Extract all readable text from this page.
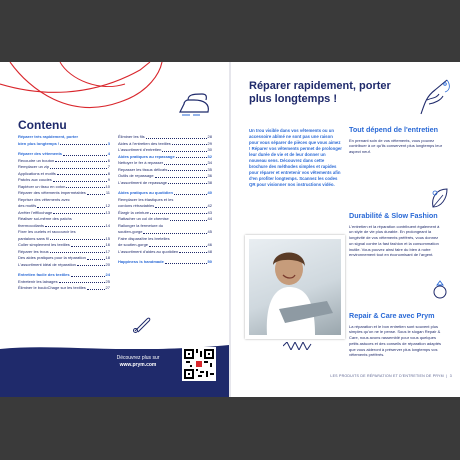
Contenu
Réparer très rapidement, porter
bien plus longtemps !	3
Réparer des vêtements	4
Recoudre un bouton	6
Remplacer un zip	7
Applications et motifs	8
Patchs aux coudes	9
Rapiécer un tissu en coton	10
Réparer des vêtements imperméables	11
Repriser des vêtements avec
des motifs	12
Arrêter l'effilochage	13
Réaliser soi-même des patchs
thermocollants	14
Fixer les ourlets et raccourcir les
pantalons sans fil	15
Coller simplement les textiles	16
Réparer les trous	17
Des aides pratiques pour la réparation	18
L'assortiment idéal de réparation	20
Entretien facile des textiles	24
Entretenir les lainages	25
Éliminer le bouloChage sur les textiles	27
Éliminer les fils	28
Aides à l'entretien des textiles	29
L'assortiment d'entretien	30
Aides pratiques au repassage	32
Nettoyer le fer à repasser	34
Repasser les tissus délicats	35
Outils de repassage	36
L'assortiment de repassage	38
Aides pratiques au quotidien	40
Remplacer les élastiques et les
cordons rétractables	42
Élargir la ceinture	43
Rattacher un col de chemise	44
Rallonger la fermeture du
soutien-gorge	45
Faire disparaître les bretelles
de soutien-gorge	46
L'assortiment d'aides au quotidien	48
Happiness is handmade	50
Découvrez plus sur
www.prym.com
Réparer rapidement, porter plus longtemps !

Un trou visible dans vos vêtements ou un accessoire abîmé ne sont pas une raison pour vous séparer de pièces que vous aimez ! Réparer vos vêtements permet de prolonger leur durée de vie et de leur donner un nouveau sens. Découvrez dans cette brochure des méthodes simples et rapides pour réparer et entretenir vos vêtements afin d'en profiter longtemps. Scannez les codes QR pour visionner nos instructions vidéo.

Tout dépend de l'entretien

En prenant soin de vos vêtements, vous pouvez contribuer à ce qu'ils conservent plus longtemps leur aspect neuf.

Durabilité & Slow Fashion

L'entretien et la réparation contribuent également à un style de vie plus durable. En prolongeant la longévité de vos vêtements préférés, vous donnez un signal contre la fast fashion et la consommation inutile. Vous pouvez ainsi faire du bien à notre environnement tout en économisant de l'argent.

Repair & Care avec Prym

La réparation et le bon entretien sont souvent plus simples qu'on ne le pense. Sous le slogan Repair & Care, nous avons rassemblé pour vous quelques petits astuces et des conseils de réparation adaptés que vous aideront à préserver plus longtemps vos vêtements préférés.

LES PRODUITS DE RÉPARATION ET D'ENTRETIEN DE PRYM  |  3
